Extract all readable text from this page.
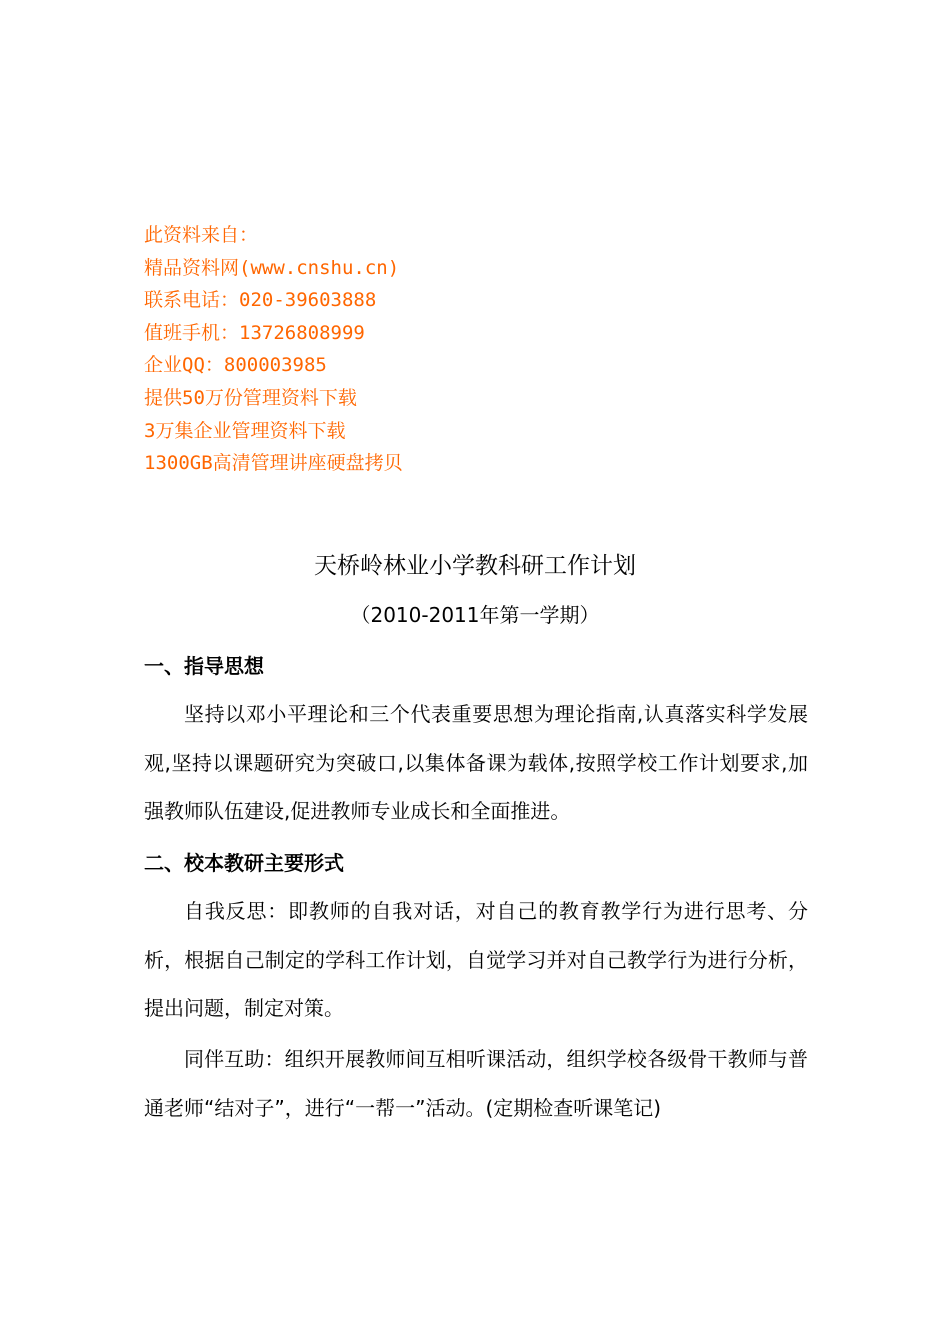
此资料来自：
精品资料网(www.cnshu.cn)
联系电话：020-39603888
值班手机：13726808999
企业QQ：800003985
提供50万份管理资料下载
3万集企业管理资料下载
1300GB高清管理讲座硬盘拷贝
天桥岭林业小学教科研工作计划
（2010-2011年第一学期）
一、指导思想

坚持以邓小平理论和三个代表重要思想为理论指南,认真落实科学发展观,坚持以课题研究为突破口,以集体备课为载体,按照学校工作计划要求,加强教师队伍建设,促进教师专业成长和全面推进。

二、校本教研主要形式

自我反思：即教师的自我对话，对自己的教育教学行为进行思考、分析，根据自己制定的学科工作计划，自觉学习并对自己教学行为进行分析，提出问题，制定对策。

同伴互助：组织开展教师间互相听课活动，组织学校各级骨干教师与普通老师“结对子”，进行“一帮一”活动。(定期检查听课笔记)
